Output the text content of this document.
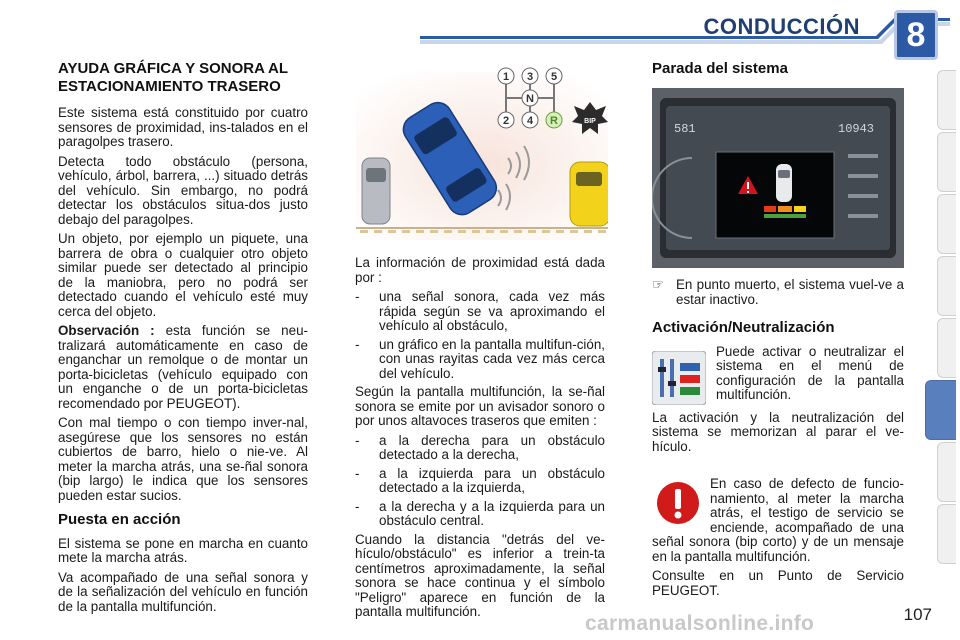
CONDUCCIÓN	8
AYUDA GRÁFICA Y SONORA AL ESTACIONAMIENTO TRASERO

Este sistema está constituido por cuatro sensores de proximidad, ins-talados en el paragolpes trasero.

Detecta todo obstáculo (persona, vehículo, árbol, barrera, ...) situado detrás del vehículo. Sin embargo, no podrá detectar los obstáculos situa-dos justo debajo del paragolpes.

Un objeto, por ejemplo un piquete, una barrera de obra o cualquier otro objeto similar puede ser detectado al principio de la maniobra, pero no podrá ser detectado cuando el vehículo esté muy cerca del objeto.

Observación : esta función se neu-tralizará automáticamente en caso de enganchar un remolque o de montar un porta-bicicletas (vehículo equipado con un enganche o de un porta-bicicletas recomendado por PEUGEOT).

Con mal tiempo o con tiempo inver-nal, asegúrese que los sensores no están cubiertos de barro, hielo o nie-ve. Al meter la marcha atrás, una se-ñal sonora (bip largo) le indica que los sensores pueden estar sucios.

Puesta en acción

El sistema se pone en marcha en cuanto mete la marcha atrás.

Va acompañado de una señal sonora y de la señalización del vehículo en función de la pantalla multifunción.

1 3 5
N
2 4 R	BIP

La información de proximidad está dada por :

-	una señal sonora, cada vez más rápida según se va aproximando el vehículo al obstáculo,
-	un gráfico en la pantalla multifun-ción, con unas rayitas cada vez más cerca del vehículo.

Según la pantalla multifunción, la se-ñal sonora se emite por un avisador sonoro o por unos altavoces traseros que emiten :

-	a la derecha para un obstáculo detectado a la derecha,
-	a la izquierda para un obstáculo detectado a la izquierda,
-	a la derecha y a la izquierda para un obstáculo central.

Cuando la distancia "detrás del ve-hículo/obstáculo" es inferior a trein-ta centímetros aproximadamente, la señal sonora se hace continua y el símbolo "Peligro" aparece en función de la pantalla multifunción.

Parada del sistema
581	10943
☞ En punto muerto, el sistema vuel-ve a estar inactivo.
Activación/Neutralización

Puede activar o neutralizar el sistema en el menú de configuración de la pantalla multifunción.

La activación y la neutralización del sistema se memorizan al parar el ve-hículo.

En caso de defecto de funcio-namiento, al meter la marcha atrás, el testigo de servicio se enciende, acompañado de una señal sonora (bip corto) y de un mensaje en la pantalla multifunción.

Consulte en un Punto de Servicio PEUGEOT.

carmanualsonline.info	107
